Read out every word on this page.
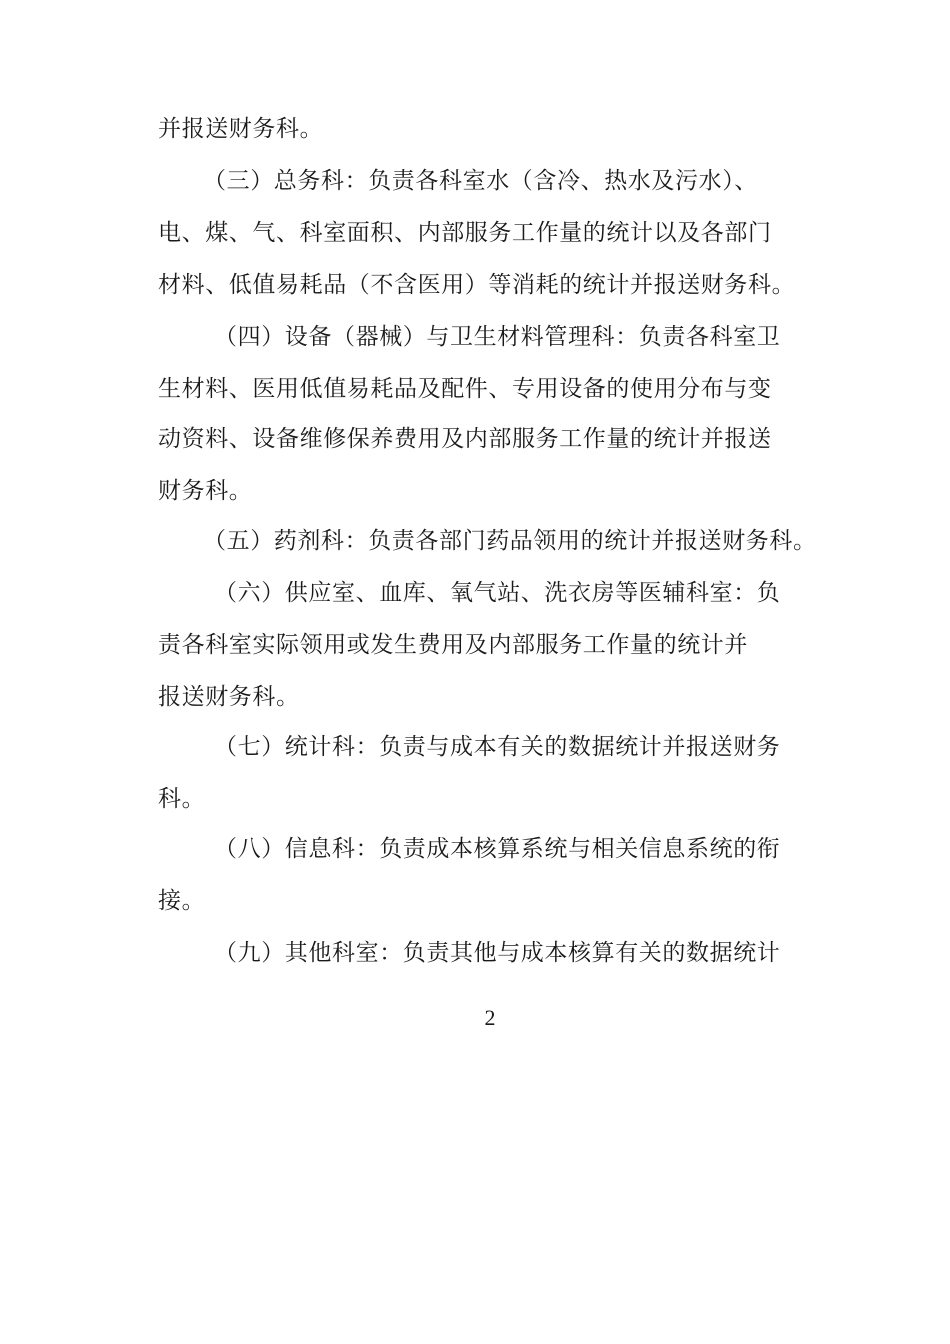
并报送财务科。
（三）总务科：负责各科室水（含冷、热水及污水）、
电、煤、气、科室面积、内部服务工作量的统计以及各部门
材料、低值易耗品（不含医用）等消耗的统计并报送财务科。
（四）设备（器械）与卫生材料管理科：负责各科室卫
生材料、医用低值易耗品及配件、专用设备的使用分布与变
动资料、设备维修保养费用及内部服务工作量的统计并报送
财务科。
（五）药剂科：负责各部门药品领用的统计并报送财务科。
（六）供应室、血库、氧气站、洗衣房等医辅科室：负
责各科室实际领用或发生费用及内部服务工作量的统计并
报送财务科。
（七）统计科：负责与成本有关的数据统计并报送财务
科。
（八）信息科：负责成本核算系统与相关信息系统的衔
接。
（九）其他科室：负责其他与成本核算有关的数据统计
2
